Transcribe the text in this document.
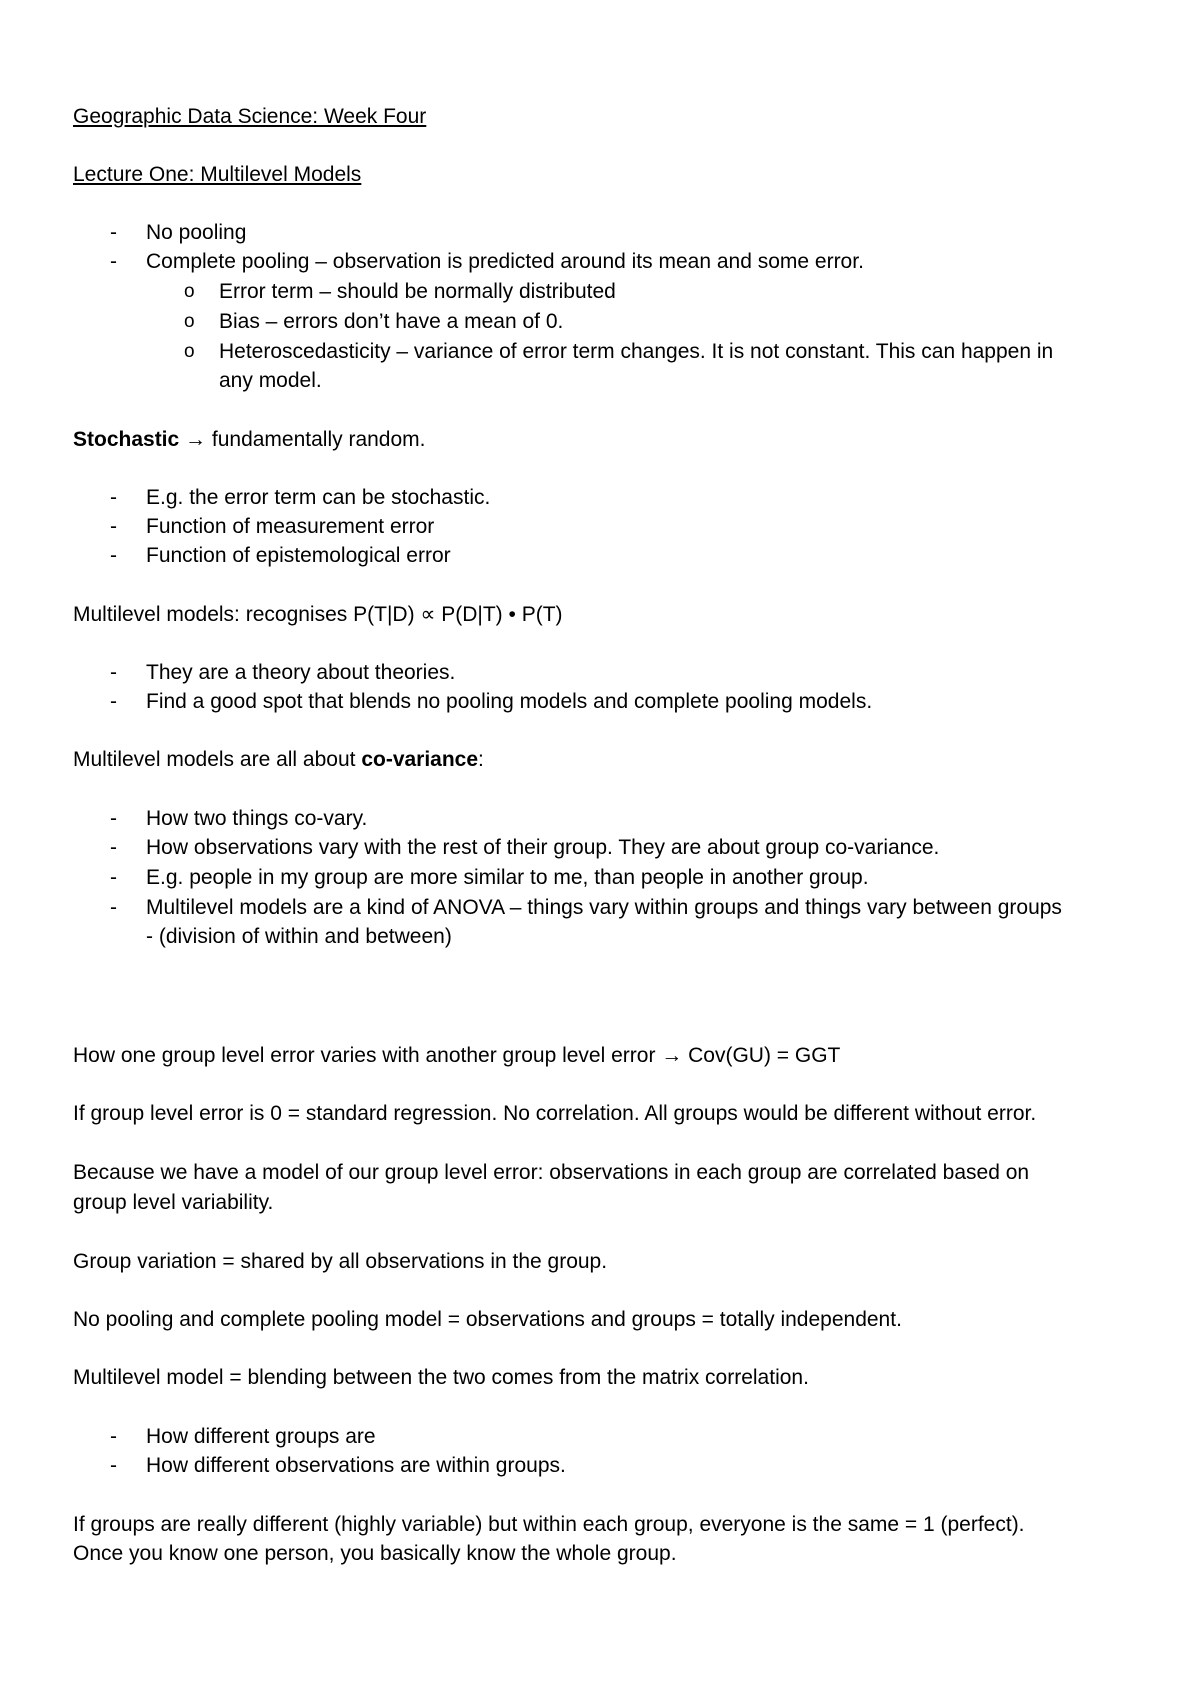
Geographic Data Science: Week Four
Lecture One: Multilevel Models
- No pooling
- Complete pooling – observation is predicted around its mean and some error.
o Error term – should be normally distributed
o Bias – errors don’t have a mean of 0.
o Heteroscedasticity – variance of error term changes. It is not constant. This can happen in
any model.
Stochastic → fundamentally random.
- E.g. the error term can be stochastic.
- Function of measurement error
- Function of epistemological error
Multilevel models: recognises P(T|D) ∝ P(D|T) • P(T)
- They are a theory about theories.
- Find a good spot that blends no pooling models and complete pooling models.
Multilevel models are all about co-variance:
- How two things co-vary.
- How observations vary with the rest of their group. They are about group co-variance.
- E.g. people in my group are more similar to me, than people in another group.
- Multilevel models are a kind of ANOVA – things vary within groups and things vary between groups
- (division of within and between)
How one group level error varies with another group level error → Cov(GU) = GGT
If group level error is 0 = standard regression. No correlation. All groups would be different without error.
Because we have a model of our group level error: observations in each group are correlated based on
group level variability.
Group variation = shared by all observations in the group.
No pooling and complete pooling model = observations and groups = totally independent.
Multilevel model = blending between the two comes from the matrix correlation.
- How different groups are
- How different observations are within groups.
If groups are really different (highly variable) but within each group, everyone is the same = 1 (perfect).
Once you know one person, you basically know the whole group.
